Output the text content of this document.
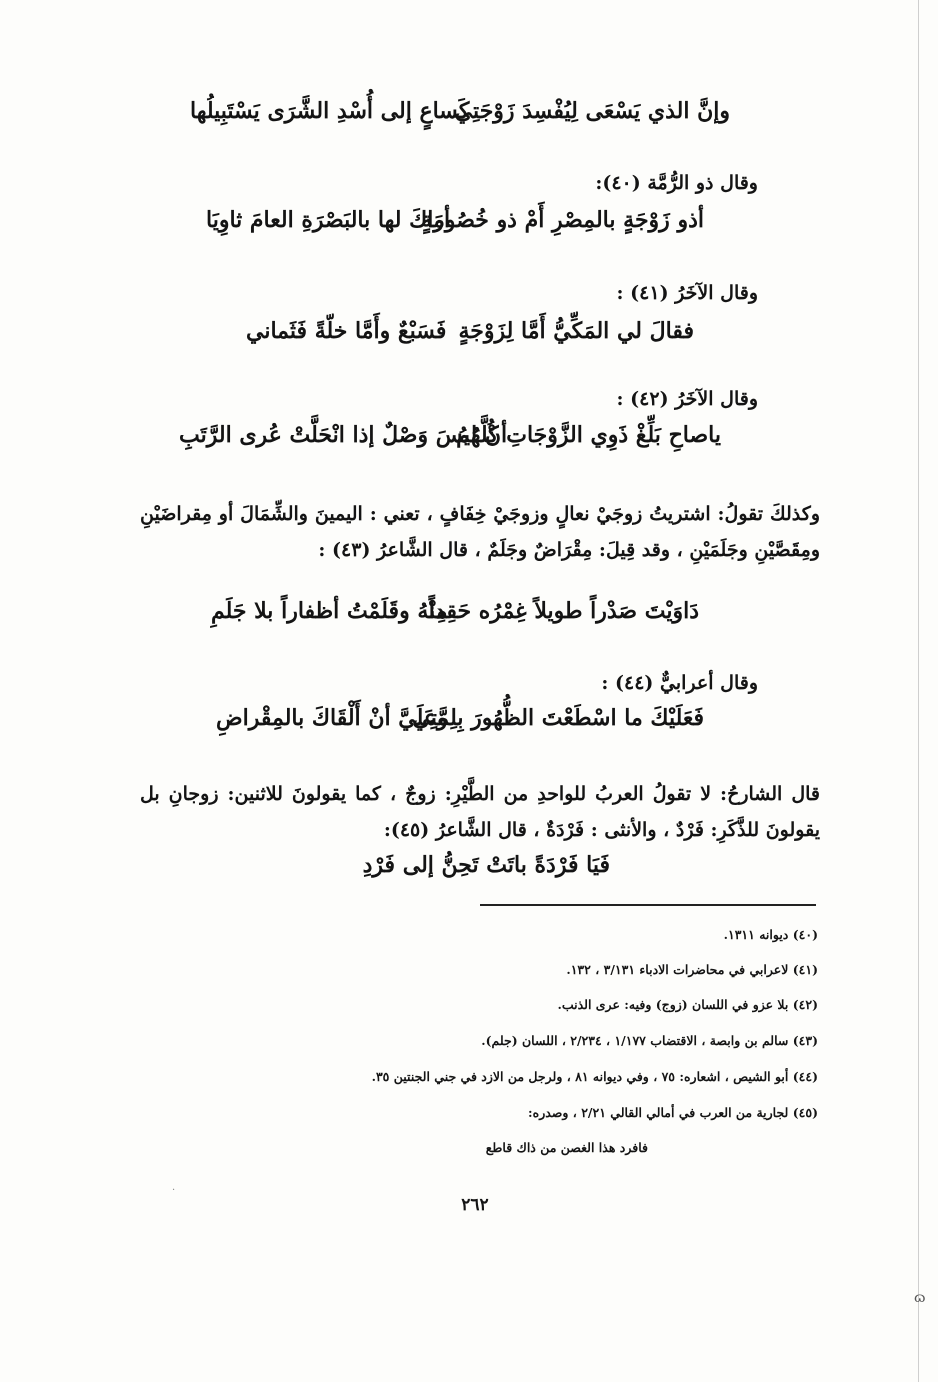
وإنَّ الذي يَسْعَى لِيُفْسِدَ زَوْجَتِي
كَساعٍ إلى أُسْدِ الشَّرَى يَسْتَبِيلُها
وقال ذو الرُّمَّة (٤٠):
أذو زَوْجَةٍ بالمِصْرِ أَمْ ذو خُصُومَةٍ
أراكَ لها بالبَصْرَةِ العامَ ثاوِيَا
وقال الآخَرُ (٤١) :
فقالَ لي المَكِّيُّ أَمَّا لِزَوْجَةٍ
فَسَبْعٌ وأَمَّا خلّةً فَثَماني
وقال الآخَرُ (٤٢) :
ياصاحِ بَلِّغْ ذَوِي الزَّوْجَاتِ كُلَّهُمُ
أنْ ليسَ وَصْلٌ إذا انْحَلَّتْ عُرى الرَّتَبِ
وكذلكَ تقولُ: اشتريتُ زوجَيْ نعالٍ وزوجَيْ خِفَافٍ ، تعني : اليمينَ والشِّمَالَ أو مِقراضَيْنِ ومِقَصَّيْنِ وجَلَمَيْنِ ، وقد قِيلَ: مِقْرَاضٌ وجَلَمٌ ، قال الشَّاعرُ (٤٣) :
دَاوَيْتَ صَدْراً طويلاً غِمْرُه حَقِداً
مِنْهُ وقَلَمْتُ أظفاراً بلا جَلَمِ
وقال أعرابيٌّ (٤٤) :
فَعَلَيْكَ ما اسْطَعْتَ الظُّهُورَ بِلِمَّتِي
وعَلَيَّ أنْ أَلْقَاكَ بالمِقْراضِ
قال الشارحُ: لا تقولُ العربُ للواحدِ من الطَّيْرِ: زوجٌ ، كما يقولونَ للاثنين: زوجانِ بل يقولونَ للذَّكَرِ: فَرْدٌ ، والأنثى : فَرْدَةٌ ، قال الشَّاعرُ (٤٥):
فَيَا فَرْدَةً باتَتْ تَحِنُّ إلى فَرْدِ
(٤٠) ديوانه ١٣١١.
(٤١) لاعرابي في محاضرات الادباء ٣/١٣١ ، ١٣٢.
(٤٢) بلا عزو في اللسان (زوج) وفيه: عرى الذنب.
(٤٣) سالم بن وابصة ، الاقتضاب ١/١٧٧ ، ٢/٢٣٤ ، اللسان (جلم).
(٤٤) أبو الشيص ، اشعاره: ٧٥ ، وفي ديوانه ٨١ ، ولرجل من الازد في جني الجنتين ٣٥.
(٤٥) لجارية من العرب في أمالي القالي ٢/٢١ ، وصدره:
فافرد هذا الغصن من ذاك قاطع
٢٦٢
·
ɷ
